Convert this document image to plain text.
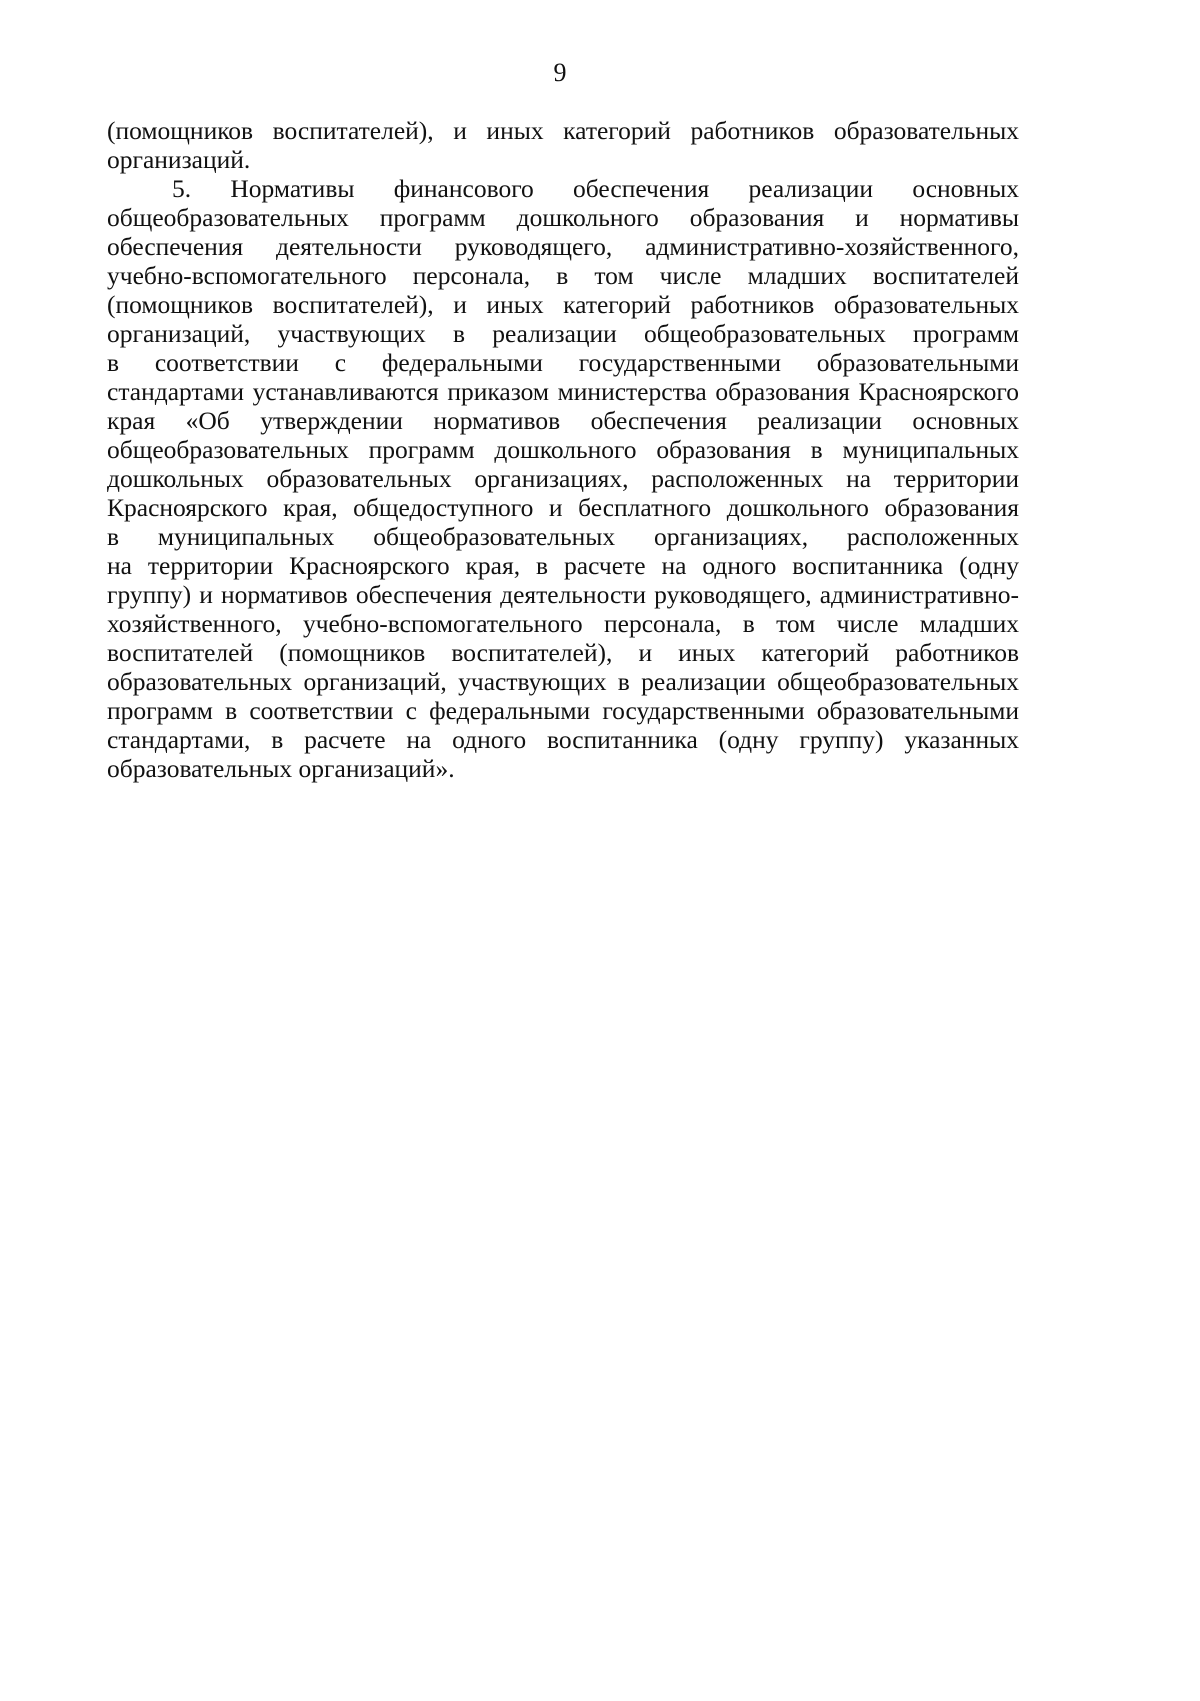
9
(помощников воспитателей), и иных категорий работников образовательных
организаций.
5. Нормативы финансового обеспечения реализации основных
общеобразовательных программ дошкольного образования и нормативы
обеспечения деятельности руководящего, административно-хозяйственного,
учебно-вспомогательного персонала, в том числе младших воспитателей
(помощников воспитателей), и иных категорий работников образовательных
организаций, участвующих в реализации общеобразовательных программ
в соответствии с федеральными государственными образовательными
стандартами устанавливаются приказом министерства образования Красноярского
края «Об утверждении нормативов обеспечения реализации основных
общеобразовательных программ дошкольного образования в муниципальных
дошкольных образовательных организациях, расположенных на территории
Красноярского края, общедоступного и бесплатного дошкольного образования
в муниципальных общеобразовательных организациях, расположенных
на территории Красноярского края, в расчете на одного воспитанника (одну
группу) и нормативов обеспечения деятельности руководящего, административно-
хозяйственного, учебно-вспомогательного персонала, в том числе младших
воспитателей (помощников воспитателей), и иных категорий работников
образовательных организаций, участвующих в реализации общеобразовательных
программ в соответствии с федеральными государственными образовательными
стандартами, в расчете на одного воспитанника (одну группу) указанных
образовательных организаций».
